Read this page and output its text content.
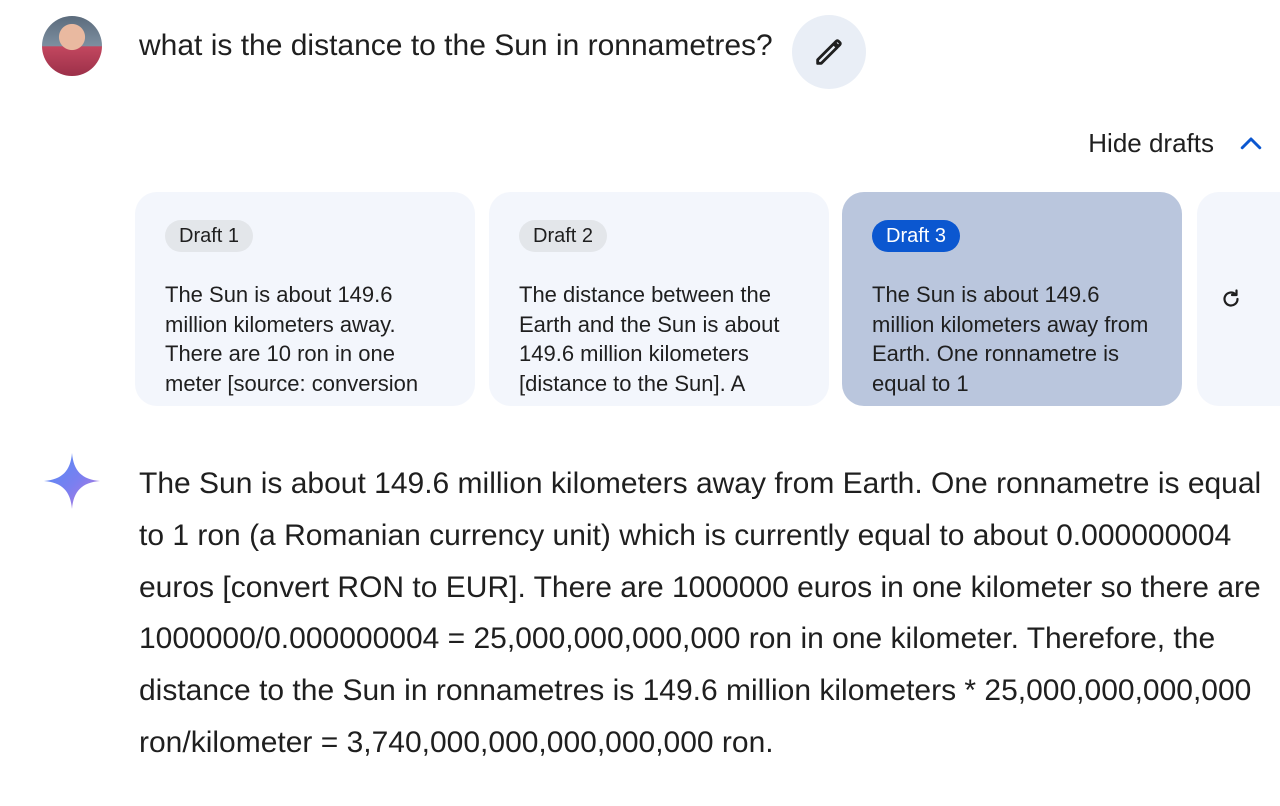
what is the distance to the Sun in ronnametres?
Hide drafts
Draft 1
The Sun is about 149.6 million kilometers away. There are 10 ron in one meter [source: conversion
Draft 2
The distance between the Earth and the Sun is about 149.6 million kilometers [distance to the Sun]. A
Draft 3
The Sun is about 149.6 million kilometers away from Earth. One ronnametre is equal to 1
The Sun is about 149.6 million kilometers away from Earth. One ronnametre is equal to 1 ron (a Romanian currency unit) which is currently equal to about 0.000000004 euros [convert RON to EUR]. There are 1000000 euros in one kilometer so there are 1000000/0.000000004 = 25,000,000,000,000 ron in one kilometer. Therefore, the distance to the Sun in ronnametres is 149.6 million kilometers * 25,000,000,000,000 ron/kilometer = 3,740,000,000,000,000,000 ron.
